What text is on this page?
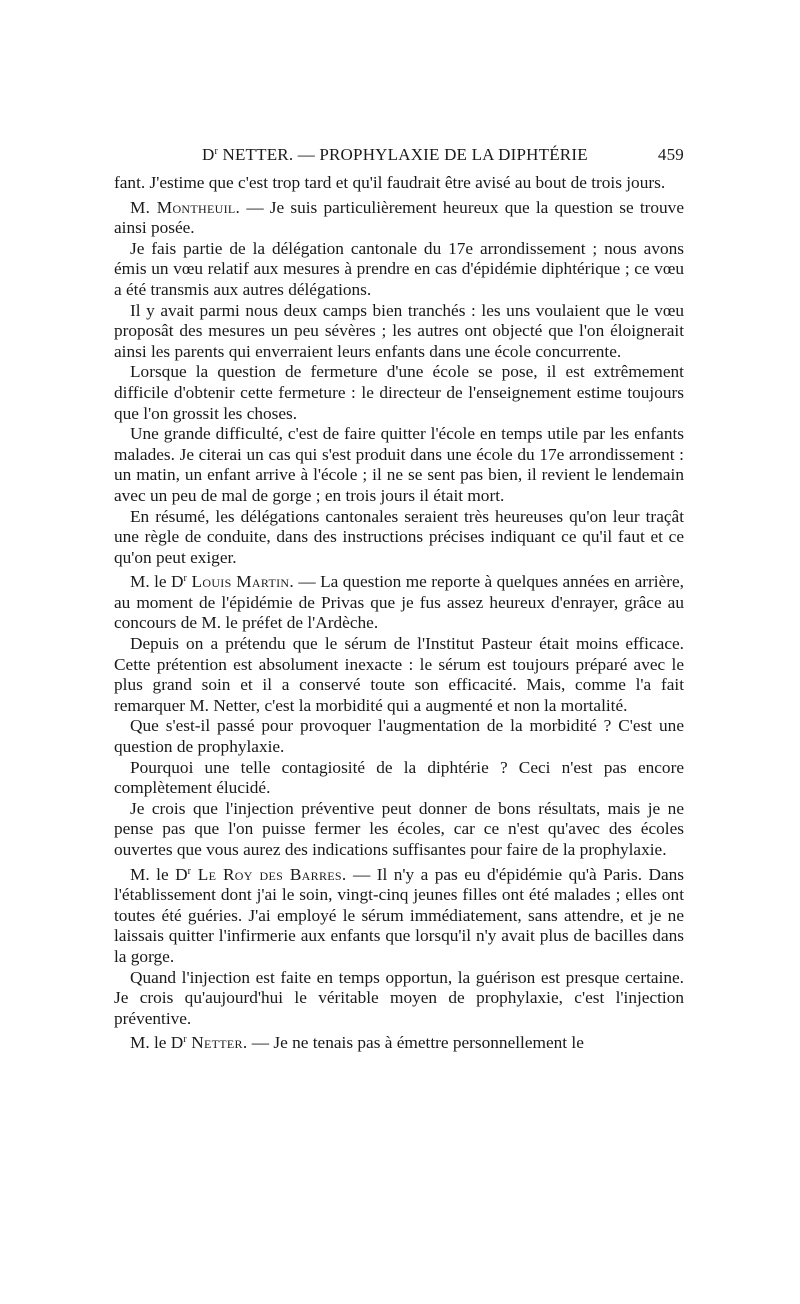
$D^r$ NETTER. — PROPHYLAXIE DE LA DIPHTÉRIE	459

fant. J'estime que c'est trop tard et qu'il faudrait être avisé au bout de trois jours.

M. Montheuil. — Je suis particulièrement heureux que la question se trouve ainsi posée.

Je fais partie de la délégation cantonale du 17e arrondissement ; nous avons émis un vœu relatif aux mesures à prendre en cas d'épidémie diphtérique ; ce vœu a été transmis aux autres délégations.

Il y avait parmi nous deux camps bien tranchés : les uns voulaient que le vœu proposât des mesures un peu sévères ; les autres ont objecté que l'on éloignerait ainsi les parents qui enverraient leurs enfants dans une école concurrente.

Lorsque la question de fermeture d'une école se pose, il est extrêmement difficile d'obtenir cette fermeture : le directeur de l'enseignement estime toujours que l'on grossit les choses.

Une grande difficulté, c'est de faire quitter l'école en temps utile par les enfants malades. Je citerai un cas qui s'est produit dans une école du 17e arrondissement : un matin, un enfant arrive à l'école ; il ne se sent pas bien, il revient le lendemain avec un peu de mal de gorge ; en trois jours il était mort.

En résumé, les délégations cantonales seraient très heureuses qu'on leur traçât une règle de conduite, dans des instructions précises indiquant ce qu'il faut et ce qu'on peut exiger.

M. le $D^r$ Louis Martin. — La question me reporte à quelques années en arrière, au moment de l'épidémie de Privas que je fus assez heureux d'enrayer, grâce au concours de M. le préfet de l'Ardèche.

Depuis on a prétendu que le sérum de l'Institut Pasteur était moins efficace. Cette prétention est absolument inexacte : le sérum est toujours préparé avec le plus grand soin et il a conservé toute son efficacité. Mais, comme l'a fait remarquer M. Netter, c'est la morbidité qui a augmenté et non la mortalité.

Que s'est-il passé pour provoquer l'augmentation de la morbidité ? C'est une question de prophylaxie.

Pourquoi une telle contagiosité de la diphtérie ? Ceci n'est pas encore complètement élucidé.

Je crois que l'injection préventive peut donner de bons résultats, mais je ne pense pas que l'on puisse fermer les écoles, car ce n'est qu'avec des écoles ouvertes que vous aurez des indications suffisantes pour faire de la prophylaxie.

M. le $D^r$ Le Roy des Barres. — Il n'y a pas eu d'épidémie qu'à Paris. Dans l'établissement dont j'ai le soin, vingt-cinq jeunes filles ont été malades ; elles ont toutes été guéries. J'ai employé le sérum immédiatement, sans attendre, et je ne laissais quitter l'infirmerie aux enfants que lorsqu'il n'y avait plus de bacilles dans la gorge.

Quand l'injection est faite en temps opportun, la guérison est presque certaine. Je crois qu'aujourd'hui le véritable moyen de prophylaxie, c'est l'injection préventive.

M. le $D^r$ Netter. — Je ne tenais pas à émettre personnellement le
